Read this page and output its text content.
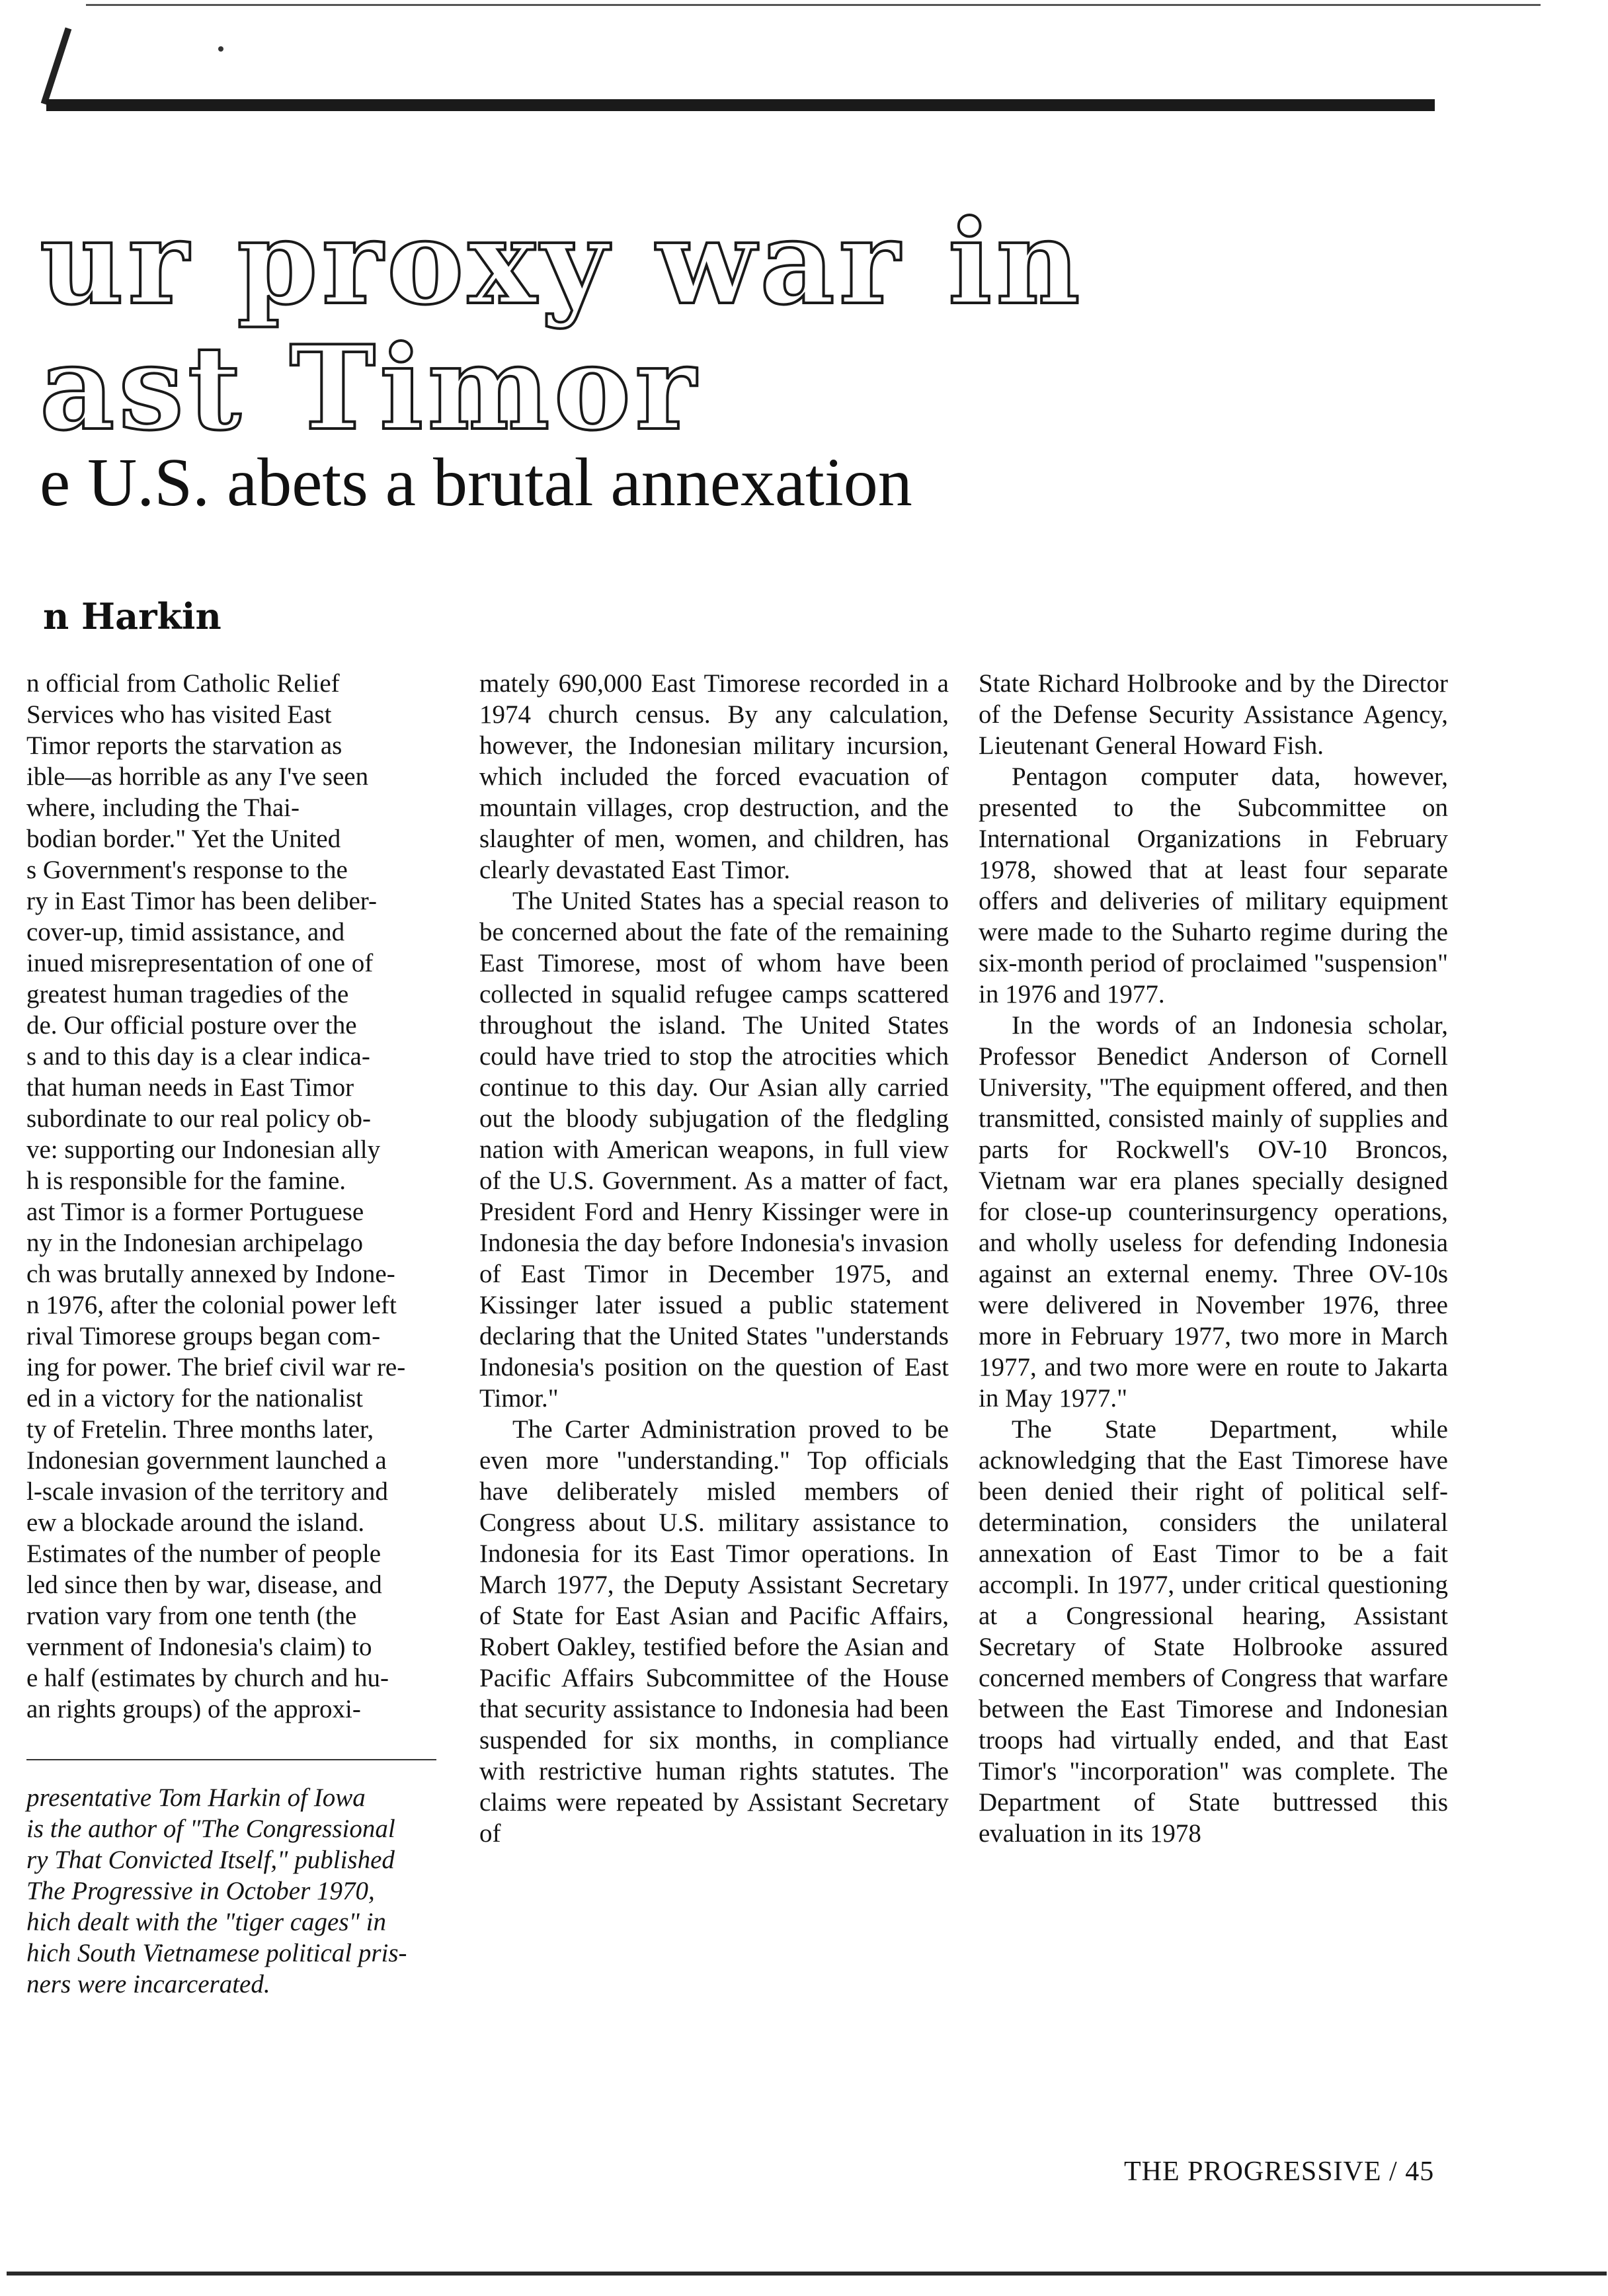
ur proxy war in
ast Timor
e U.S. abets a brutal annexation
n Harkin
n official from Catholic Relief
Services who has visited East
Timor reports the starvation as
ible—as horrible as any I've seen
where, including the Thai-
bodian border." Yet the United
s Government's response to the
ry in East Timor has been deliber-
cover-up, timid assistance, and
inued misrepresentation of one of
greatest human tragedies of the
de. Our official posture over the
s and to this day is a clear indica-
that human needs in East Timor
subordinate to our real policy ob-
ve: supporting our Indonesian ally
h is responsible for the famine.
ast Timor is a former Portuguese
ny in the Indonesian archipelago
ch was brutally annexed by Indone-
n 1976, after the colonial power left
rival Timorese groups began com-
ing for power. The brief civil war re-
ed in a victory for the nationalist
ty of Fretelin. Three months later,
Indonesian government launched a
l-scale invasion of the territory and
ew a blockade around the island.
Estimates of the number of people
led since then by war, disease, and
rvation vary from one tenth (the
vernment of Indonesia's claim) to
e half (estimates by church and hu-
an rights groups) of the approxi-

mately 690,000 East Timorese recorded in a 1974 church census. By any calculation, however, the Indonesian military incursion, which included the forced evacuation of mountain villages, crop destruction, and the slaughter of men, women, and children, has clearly devastated East Timor.

The United States has a special reason to be concerned about the fate of the remaining East Timorese, most of whom have been collected in squalid refugee camps scattered throughout the island. The United States could have tried to stop the atrocities which continue to this day. Our Asian ally carried out the bloody subjugation of the fledgling nation with American weapons, in full view of the U.S. Government. As a matter of fact, President Ford and Henry Kissinger were in Indonesia the day before Indonesia's invasion of East Timor in December 1975, and Kissinger later issued a public statement declaring that the United States "understands Indonesia's position on the question of East Timor."

The Carter Administration proved to be even more "understanding." Top officials have deliberately misled members of Congress about U.S. military assistance to Indonesia for its East Timor operations. In March 1977, the Deputy Assistant Secretary of State for East Asian and Pacific Affairs, Robert Oakley, testified before the Asian and Pacific Affairs Subcommittee of the House that security assistance to Indonesia had been suspended for six months, in compliance with restrictive human rights statutes. The claims were repeated by Assistant Secretary of

State Richard Holbrooke and by the Director of the Defense Security Assistance Agency, Lieutenant General Howard Fish.

Pentagon computer data, however, presented to the Subcommittee on International Organizations in February 1978, showed that at least four separate offers and deliveries of military equipment were made to the Suharto regime during the six-month period of proclaimed "suspension" in 1976 and 1977.

In the words of an Indonesia scholar, Professor Benedict Anderson of Cornell University, "The equipment offered, and then transmitted, consisted mainly of supplies and parts for Rockwell's OV-10 Broncos, Vietnam war era planes specially designed for close-up counterinsurgency operations, and wholly useless for defending Indonesia against an external enemy. Three OV-10s were delivered in November 1976, three more in February 1977, two more in March 1977, and two more were en route to Jakarta in May 1977."

The State Department, while acknowledging that the East Timorese have been denied their right of political self-determination, considers the unilateral annexation of East Timor to be a fait accompli. In 1977, under critical questioning at a Congressional hearing, Assistant Secretary of State Holbrooke assured concerned members of Congress that warfare between the East Timorese and Indonesian troops had virtually ended, and that East Timor's "incorporation" was complete. The Department of State buttressed this evaluation in its 1978

presentative Tom Harkin of Iowa
is the author of "The Congressional
ry That Convicted Itself," published
The Progressive in October 1970,
hich dealt with the "tiger cages" in
hich South Vietnamese political pris-
ners were incarcerated.
THE PROGRESSIVE / 45
